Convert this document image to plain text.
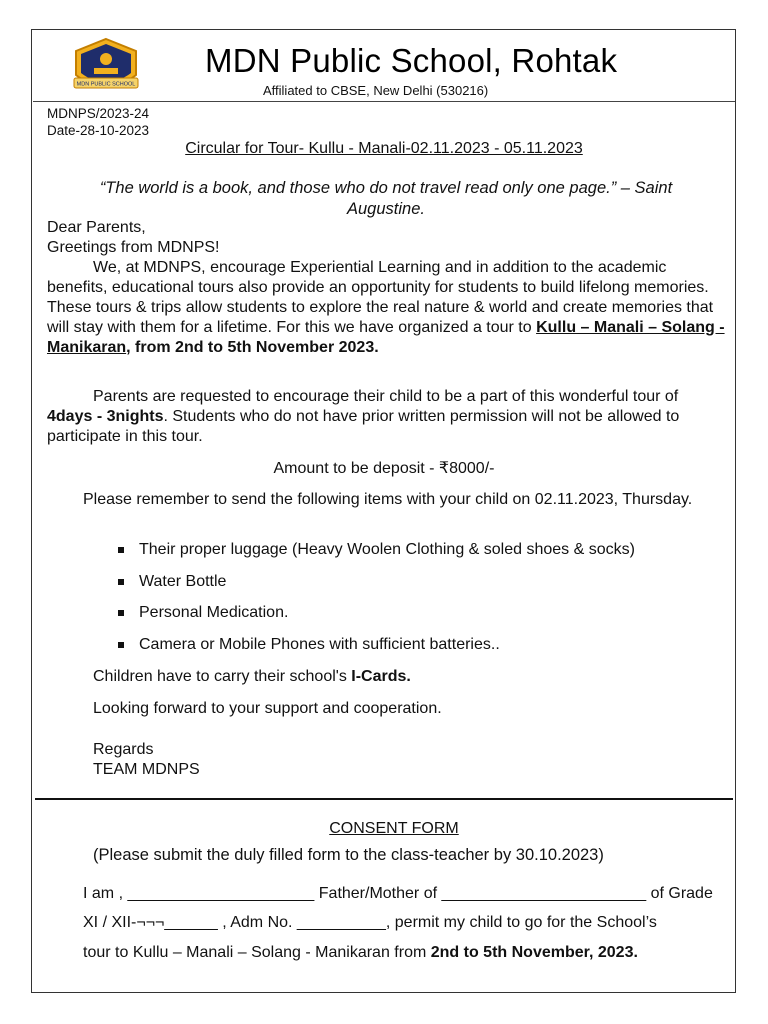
MDN PUBLIC SCHOOL
MDN Public School, Rohtak
Affiliated to CBSE, New Delhi (530216)
MDNPS/2023-24
Date-28-10-2023
Circular for Tour- Kullu - Manali-02.11.2023 - 05.11.2023
“The world is a book, and those who do not travel read only one page.” – Saint Augustine.
Dear Parents,
Greetings from MDNPS!
We, at MDNPS, encourage Experiential Learning and in addition to the academic benefits, educational tours also provide an opportunity for students to build lifelong memories. These tours & trips allow students to explore the real nature & world and create memories that will stay with them for a lifetime. For this we have organized a tour to Kullu – Manali – Solang - Manikaran, from 2nd to 5th November 2023.
Parents are requested to encourage their child to be a part of this wonderful tour of 4days - 3nights. Students who do not have prior written permission will not be allowed to participate in this tour.
Amount to be deposit - ₹8000/-
Please remember to send the following items with your child on 02.11.2023, Thursday.
Their proper luggage (Heavy Woolen Clothing & soled shoes & socks)
Water Bottle
Personal Medication.
Camera or Mobile Phones with sufficient batteries..
Children have to carry their school's I-Cards.
Looking forward to your support and cooperation.
Regards
TEAM MDNPS
CONSENT FORM
(Please submit the duly filled form to the class-teacher by 30.10.2023)
I am , _____________________ Father/Mother of _______________________ of Grade
XI / XII-¬¬¬______ , Adm No. __________, permit my child to go for the School’s
tour to Kullu – Manali – Solang - Manikaran from 2nd to 5th November, 2023.
